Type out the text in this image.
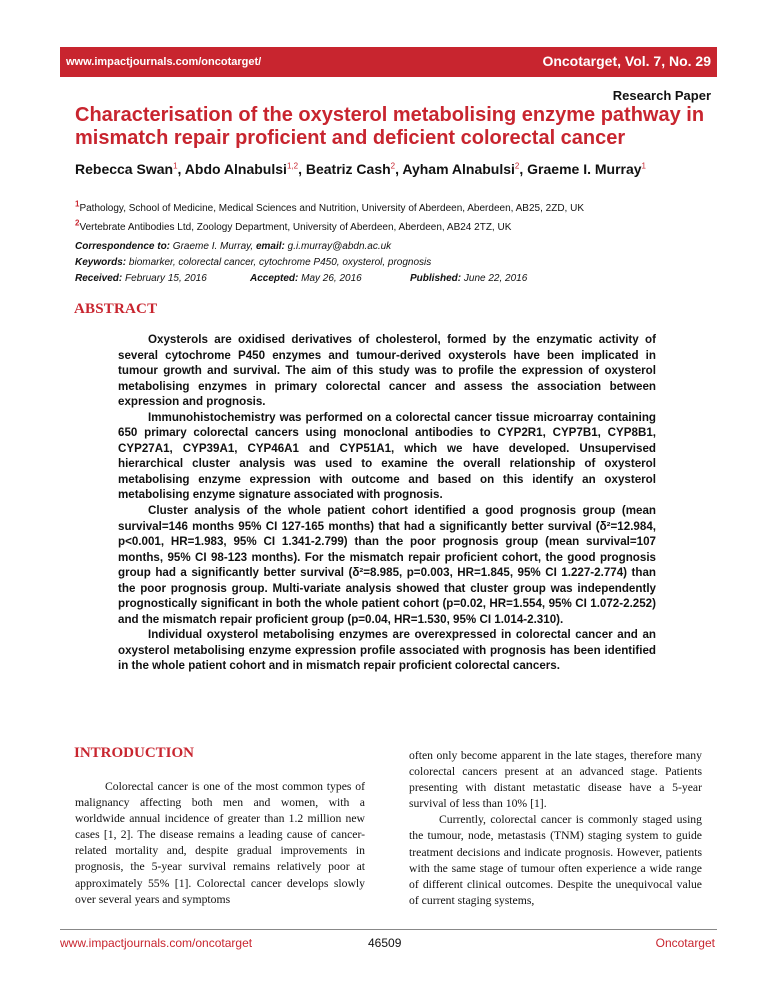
www.impactjournals.com/oncotarget/	Oncotarget, Vol. 7, No. 29
Research Paper
Characterisation of the oxysterol metabolising enzyme pathway in mismatch repair proficient and deficient colorectal cancer
Rebecca Swan$^1$, Abdo Alnabulsi$^{1,2}$, Beatriz Cash$^2$, Ayham Alnabulsi$^2$, Graeme I. Murray$^1$
$^1$Pathology, School of Medicine, Medical Sciences and Nutrition, University of Aberdeen, Aberdeen, AB25, 2ZD, UK
$^2$Vertebrate Antibodies Ltd, Zoology Department, University of Aberdeen, Aberdeen, AB24 2TZ, UK
Correspondence to: Graeme I. Murray, email: g.i.murray@abdn.ac.uk
Keywords: biomarker, colorectal cancer, cytochrome P450, oxysterol, prognosis
Received: February 15, 2016	Accepted: May 26, 2016	Published: June 22, 2016
ABSTRACT

Oxysterols are oxidised derivatives of cholesterol, formed by the enzymatic activity of several cytochrome P450 enzymes and tumour-derived oxysterols have been implicated in tumour growth and survival. The aim of this study was to profile the expression of oxysterol metabolising enzymes in primary colorectal cancer and assess the association between expression and prognosis.

Immunohistochemistry was performed on a colorectal cancer tissue microarray containing 650 primary colorectal cancers using monoclonal antibodies to CYP2R1, CYP7B1, CYP8B1, CYP27A1, CYP39A1, CYP46A1 and CYP51A1, which we have developed. Unsupervised hierarchical cluster analysis was used to examine the overall relationship of oxysterol metabolising enzyme expression with outcome and based on this identify an oxysterol metabolising enzyme signature associated with prognosis.

Cluster analysis of the whole patient cohort identified a good prognosis group (mean survival=146 months 95% CI 127-165 months) that had a significantly better survival (δ²=12.984, p<0.001, HR=1.983, 95% CI 1.341-2.799) than the poor prognosis group (mean survival=107 months, 95% CI 98-123 months). For the mismatch repair proficient cohort, the good prognosis group had a significantly better survival (δ²=8.985, p=0.003, HR=1.845, 95% CI 1.227-2.774) than the poor prognosis group. Multi-variate analysis showed that cluster group was independently prognostically significant in both the whole patient cohort (p=0.02, HR=1.554, 95% CI 1.072-2.252) and the mismatch repair proficient group (p=0.04, HR=1.530, 95% CI 1.014-2.310).

Individual oxysterol metabolising enzymes are overexpressed in colorectal cancer and an oxysterol metabolising enzyme expression profile associated with prognosis has been identified in the whole patient cohort and in mismatch repair proficient colorectal cancers.

INTRODUCTION

Colorectal cancer is one of the most common types of malignancy affecting both men and women, with a worldwide annual incidence of greater than 1.2 million new cases [1, 2]. The disease remains a leading cause of cancer-related mortality and, despite gradual improvements in prognosis, the 5-year survival remains relatively poor at approximately 55% [1]. Colorectal cancer develops slowly over several years and symptoms

often only become apparent in the late stages, therefore many colorectal cancers present at an advanced stage. Patients presenting with distant metastatic disease have a 5-year survival of less than 10% [1].

Currently, colorectal cancer is commonly staged using the tumour, node, metastasis (TNM) staging system to guide treatment decisions and indicate prognosis. However, patients with the same stage of tumour often experience a wide range of different clinical outcomes. Despite the unequivocal value of current staging systems,

www.impactjournals.com/oncotarget	46509	Oncotarget
